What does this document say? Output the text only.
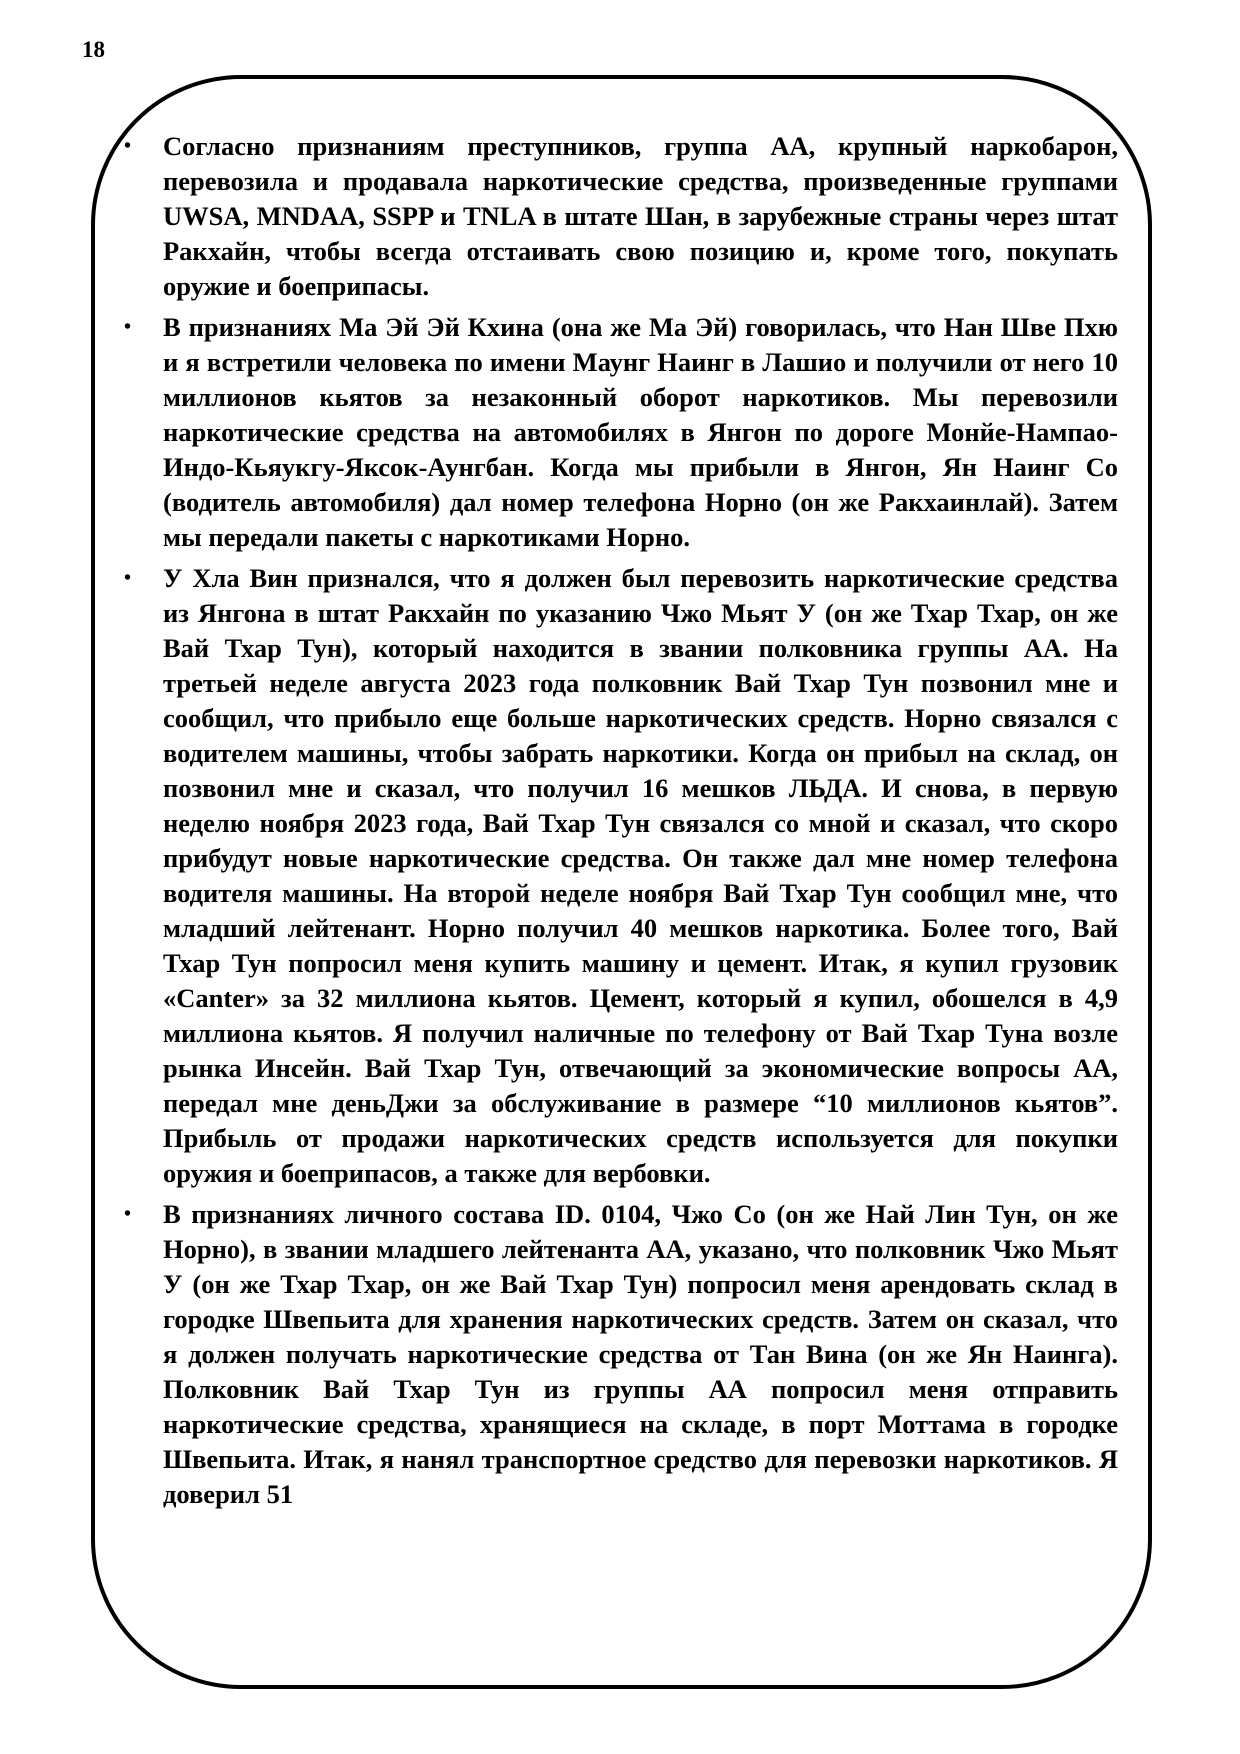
18
• Согласно признаниям преступников, группа АА, крупный наркобарон, перевозила и продавала наркотические средства, произведенные группами UWSA, MNDAA, SSPP и TNLA в штате Шан, в зарубежные страны через штат Ракхайн, чтобы всегда отстаивать свою позицию и, кроме того, покупать оружие и боеприпасы.
• В признаниях Ма Эй Эй Кхина (она же Ма Эй) говорилась, что Нан Шве Пхю и я встретили человека по имени Маунг Наинг в Лашио и получили от него 10 миллионов кьятов за незаконный оборот наркотиков. Мы перевозили наркотические средства на автомобилях в Янгон по дороге Монйе-Нампао-Индо-Кьяукгу-Яксок-Аунгбан. Когда мы прибыли в Янгон, Ян Наинг Со (водитель автомобиля) дал номер телефона Норно (он же Ракхаинлай). Затем мы передали пакеты с наркотиками Норно.
• У Хла Вин признался, что я должен был перевозить наркотические средства из Янгона в штат Ракхайн по указанию Чжо Мьят У (он же Тхар Тхар, он же Вай Тхар Тун), который находится в звании полковника группы АА. На третьей неделе августа 2023 года полковник Вай Тхар Тун позвонил мне и сообщил, что прибыло еще больше наркотических средств. Норно связался с водителем машины, чтобы забрать наркотики. Когда он прибыл на склад, он позвонил мне и сказал, что получил 16 мешков ЛЬДА. И снова, в первую неделю ноября 2023 года, Вай Тхар Тун связался со мной и сказал, что скоро прибудут новые наркотические средства. Он также дал мне номер телефона водителя машины. На второй неделе ноября Вай Тхар Тун сообщил мне, что младший лейтенант. Норно получил 40 мешков наркотика. Более того, Вай Тхар Тун попросил меня купить машину и цемент. Итак, я купил грузовик «Canter» за 32 миллиона кьятов. Цемент, который я купил, обошелся в 4,9 миллиона кьятов. Я получил наличные по телефону от Вай Тхар Туна возле рынка Инсейн. Вай Тхар Тун, отвечающий за экономические вопросы АА, передал мне деньДжи за обслуживание в размере “10 миллионов кьятов”. Прибыль от продажи наркотических средств используется для покупки оружия и боеприпасов, а также для вербовки.
• В признаниях личного состава ID. 0104, Чжо Со (он же Най Лин Тун, он же Норно), в звании младшего лейтенанта АА, указано, что полковник Чжо Мьят У (он же Тхар Тхар, он же Вай Тхар Тун) попросил меня арендовать склад в городке Швепьита для хранения наркотических средств. Затем он сказал, что я должен получать наркотические средства от Тан Вина (он же Ян Наинга). Полковник Вай Тхар Тун из группы АА попросил меня отправить наркотические средства, хранящиеся на складе, в порт Моттама в городке Швепьита. Итак, я нанял транспортное средство для перевозки наркотиков. Я доверил 51
